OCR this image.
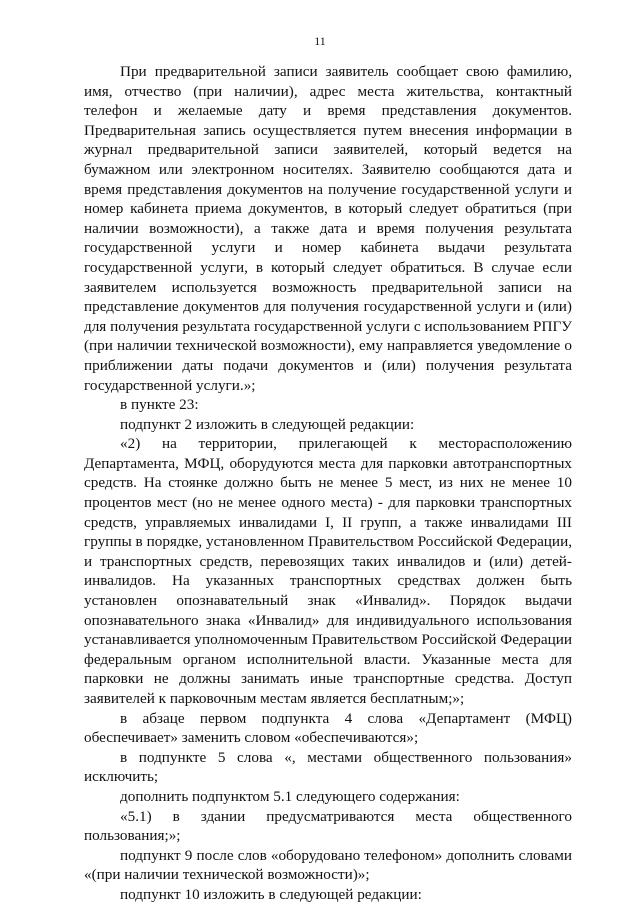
11

При предварительной записи заявитель сообщает свою фамилию, имя, отчество (при наличии), адрес места жительства, контактный телефон и желаемые дату и время представления документов. Предварительная запись осуществляется путем внесения информации в журнал предварительной записи заявителей, который ведется на бумажном или электронном носителях. Заявителю сообщаются дата и время представления документов на получение государственной услуги и номер кабинета приема документов, в который следует обратиться (при наличии возможности), а также дата и время получения результата государственной услуги и номер кабинета выдачи результата государственной услуги, в который следует обратиться. В случае если заявителем используется возможность предварительной записи на представление документов для получения государственной услуги и (или) для получения результата государственной услуги с использованием РПГУ (при наличии технической возможности), ему направляется уведомление о приближении даты подачи документов и (или) получения результата государственной услуги.»;

в пункте 23:

подпункт 2 изложить в следующей редакции:

«2) на территории, прилегающей к месторасположению Департамента, МФЦ, оборудуются места для парковки автотранспортных средств. На стоянке должно быть не менее 5 мест, из них не менее 10 процентов мест (но не менее одного места) - для парковки транспортных средств, управляемых инвалидами I, II групп, а также инвалидами III группы в порядке, установленном Правительством Российской Федерации, и транспортных средств, перевозящих таких инвалидов и (или) детей-инвалидов. На указанных транспортных средствах должен быть установлен опознавательный знак «Инвалид». Порядок выдачи опознавательного знака «Инвалид» для индивидуального использования устанавливается уполномоченным Правительством Российской Федерации федеральным органом исполнительной власти. Указанные места для парковки не должны занимать иные транспортные средства. Доступ заявителей к парковочным местам является бесплатным;»;

в абзаце первом подпункта 4 слова «Департамент (МФЦ) обеспечивает» заменить словом «обеспечиваются»;

в подпункте 5 слова «, местами общественного пользования» исключить;

дополнить подпунктом 5.1 следующего содержания:

«5.1) в здании предусматриваются места общественного пользования;»;

подпункт 9 после слов «оборудовано телефоном» дополнить словами «(при наличии технической возможности)»;

подпункт 10 изложить в следующей редакции:
